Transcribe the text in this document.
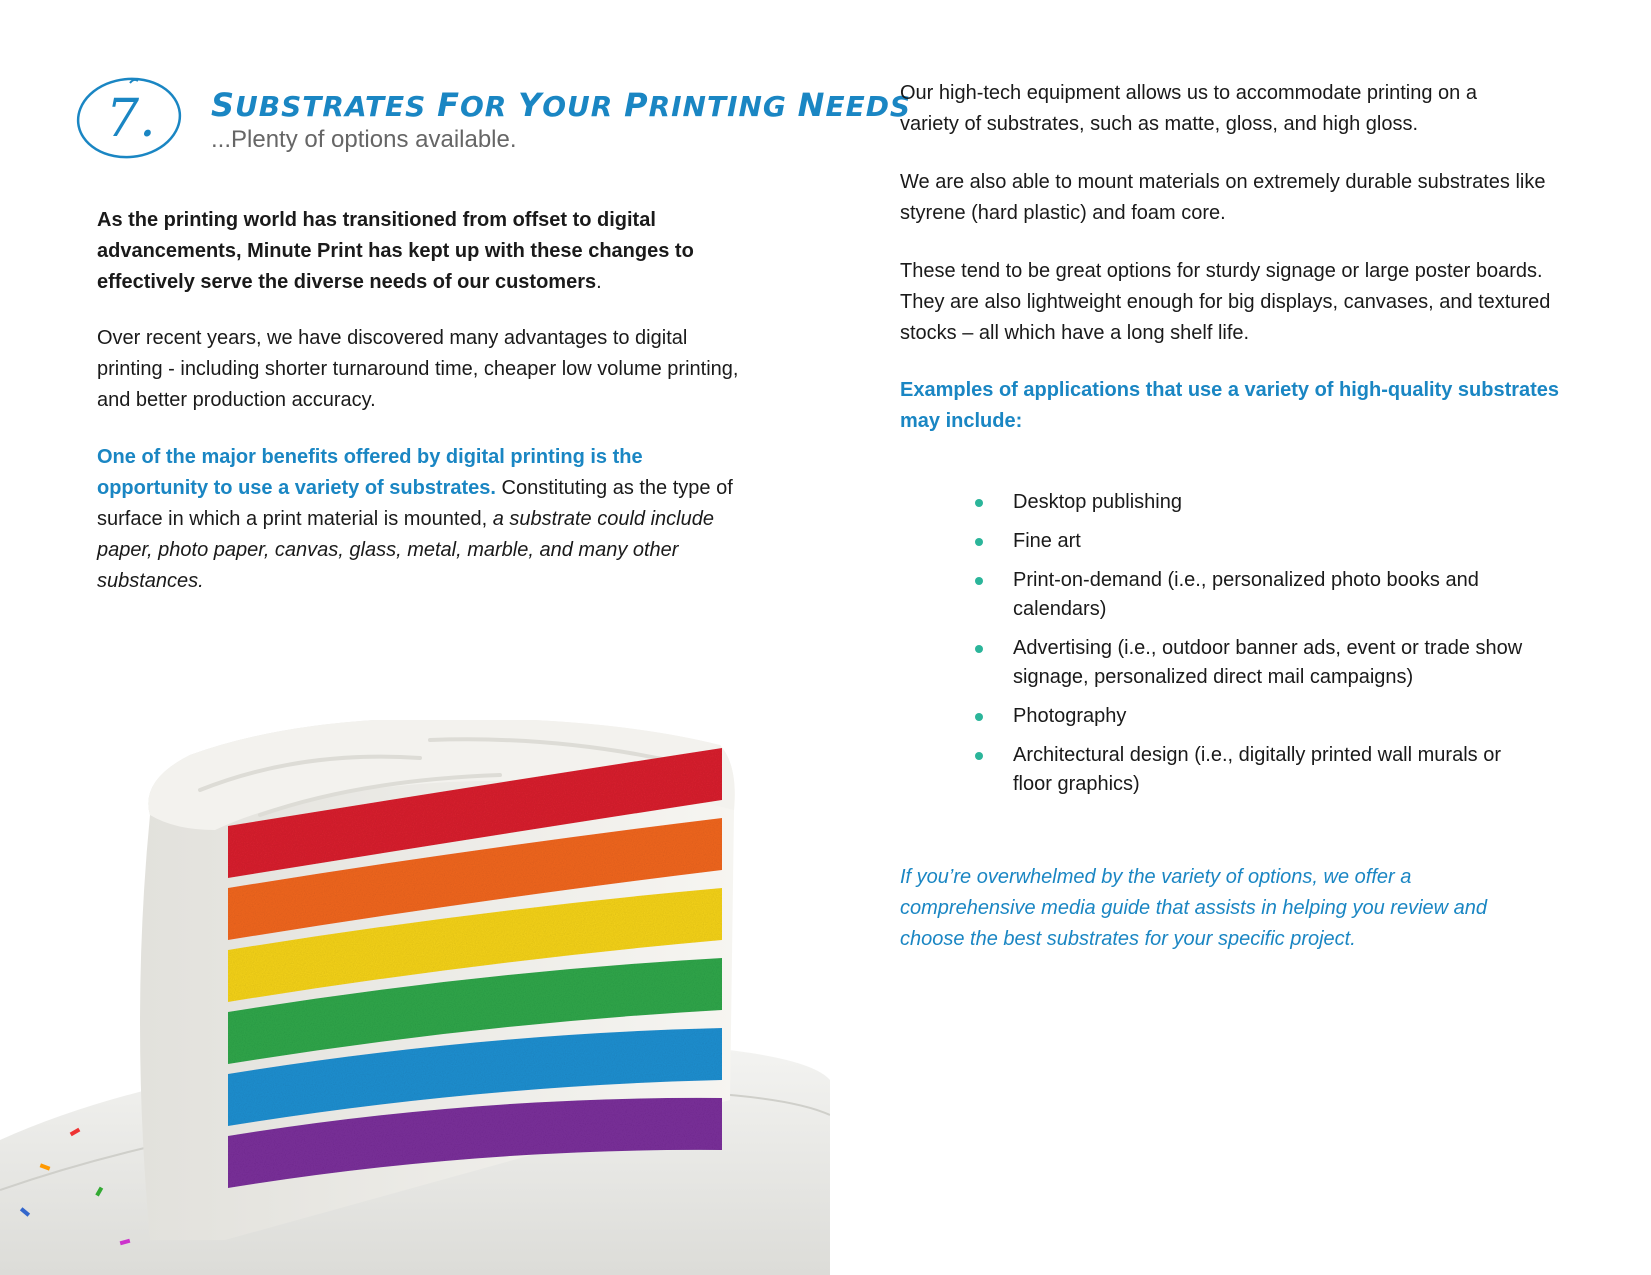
7. SUBSTRATES FOR YOUR PRINTING NEEDS
...Plenty of options available.

As the printing world has transitioned from offset to digital advancements, Minute Print has kept up with these changes to effectively serve the diverse needs of our customers.

Over recent years, we have discovered many advantages to digital printing - including shorter turnaround time, cheaper low volume printing, and better production accuracy.

One of the major benefits offered by digital printing is the opportunity to use a variety of substrates. Constituting as the type of surface in which a print material is mounted, a substrate could include paper, photo paper, canvas, glass, metal, marble, and many other substances.

Our high-tech equipment allows us to accommodate printing on a variety of substrates, such as matte, gloss, and high gloss.

We are also able to mount materials on extremely durable substrates like styrene (hard plastic) and foam core.

These tend to be great options for sturdy signage or large poster boards. They are also lightweight enough for big displays, canvases, and textured stocks – all which have a long shelf life.

Examples of applications that use a variety of high-quality substrates may include:

Desktop publishing
Fine art
Print-on-demand (i.e., personalized photo books and calendars)
Advertising (i.e., outdoor banner ads, event or trade show signage, personalized direct mail campaigns)
Photography
Architectural design (i.e., digitally printed wall murals or floor graphics)

If you’re overwhelmed by the variety of options, we offer a comprehensive media guide that assists in helping you review and choose the best substrates for your specific project.
